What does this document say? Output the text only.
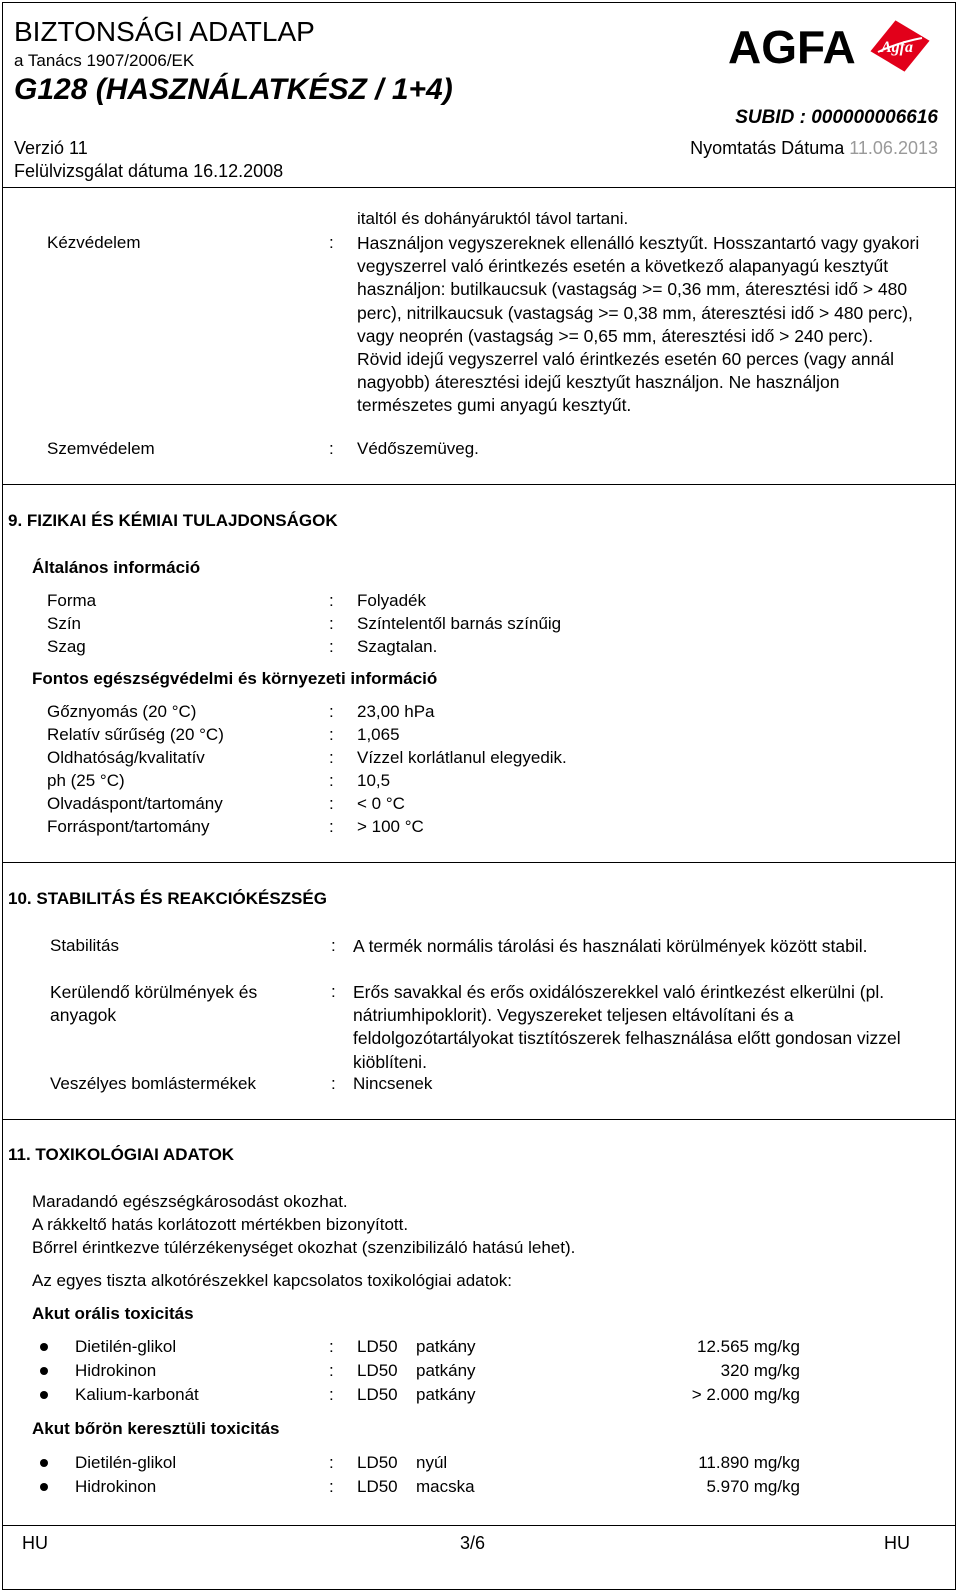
BIZTONSÁGI ADATLAP
a Tanács 1907/2006/EK
G128 (HASZNÁLATKÉSZ / 1+4)
AGFA Agfa
SUBID : 000000006616
Verzió 11	Nyomtatás Dátuma 11.06.2013
Felülvizsgálat dátuma 16.12.2008
italtól és dohányáruktól távol tartani.
Kézvédelem	: Használjon vegyszereknek ellenálló kesztyűt. Hosszantartó vagy gyakori vegyszerrel való érintkezés esetén a következő alapanyagú kesztyűt használjon: butilkaucsuk (vastagság >= 0,36 mm, áteresztési idő > 480 perc), nitrilkaucsuk (vastagság >= 0,38 mm, áteresztési idő > 480 perc), vagy neoprén (vastagság >= 0,65 mm, áteresztési idő > 240 perc). Rövid idejű vegyszerrel való érintkezés esetén 60 perces (vagy annál nagyobb) áteresztési idejű kesztyűt használjon. Ne használjon természetes gumi anyagú kesztyűt.
Szemvédelem	: Védőszemüveg.
9. FIZIKAI ÉS KÉMIAI TULAJDONSÁGOK
Általános információ
Forma	: Folyadék
Szín	: Színtelentől barnás színűig
Szag	: Szagtalan.
Fontos egészségvédelmi és környezeti információ
Gőznyomás (20 °C)	: 23,00 hPa
Relatív sűrűség (20 °C)	: 1,065
Oldhatóság/kvalitatív	: Vízzel korlátlanul elegyedik.
ph (25 °C)	: 10,5
Olvadáspont/tartomány	: < 0 °C
Forráspont/tartomány	: > 100 °C
10. STABILITÁS ÉS REAKCIÓKÉSZSÉG
Stabilitás	: A termék normális tárolási és használati körülmények között stabil.
Kerülendő körülmények és anyagok
: Erős savakkal és erős oxidálószerekkel való érintkezést elkerülni (pl. nátriumhipoklorit). Vegyszereket teljesen eltávolítani és a feldolgozótartályokat tisztítószerek felhasználása előtt gondosan vizzel kiöblíteni.
Veszélyes bomlástermékek	: Nincsenek
11. TOXIKOLÓGIAI ADATOK
Maradandó egészségkárosodást okozhat.
A rákkeltő hatás korlátozott mértékben bizonyított.
Bőrrel érintkezve túlérzékenységet okozhat (szenzibilizáló hatású lehet).
Az egyes tiszta alkotórészekkel kapcsolatos toxikológiai adatok:
Akut orális toxicitás
Dietilén-glikol	: LD50 patkány	12.565 mg/kg
Hidrokinon	: LD50 patkány	320 mg/kg
Kalium-karbonát	: LD50 patkány	> 2.000 mg/kg
Akut bőrön keresztüli toxicitás
Dietilén-glikol	: LD50 nyúl	11.890 mg/kg
Hidrokinon	: LD50 macska	5.970 mg/kg
HU	3/6	HU
